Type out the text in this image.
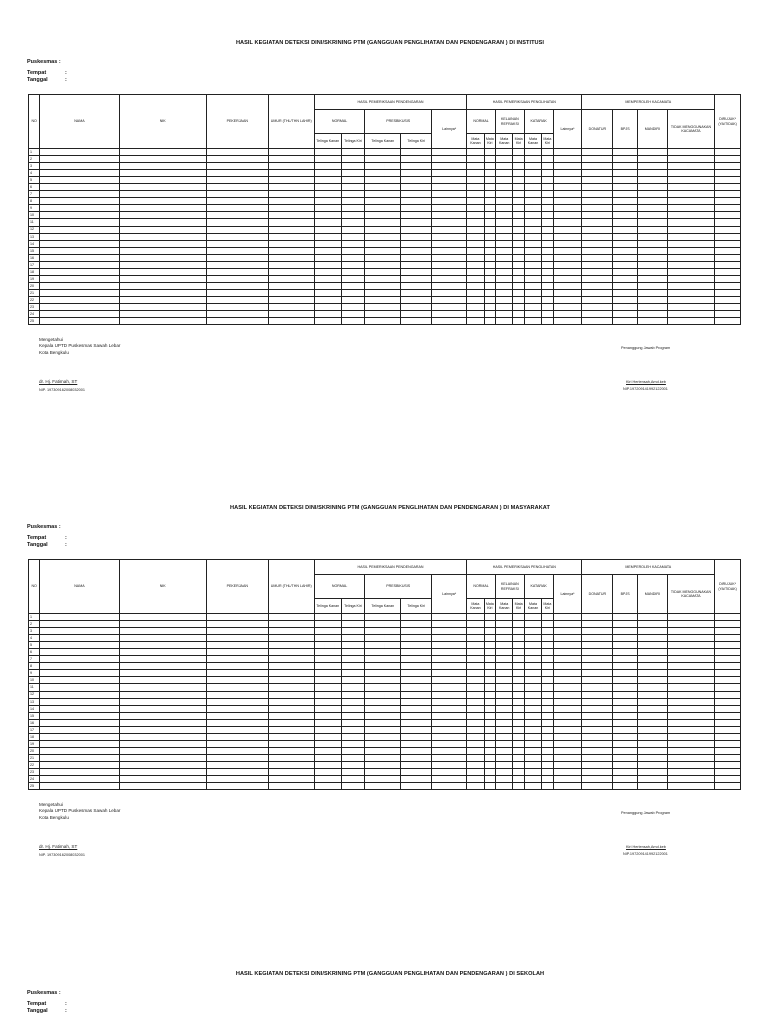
HASIL KEGIATAN DETEKSI DINI/SKRINING PTM (GANGGUAN PENGLIHATAN DAN PENDENGARAN ) DI INSTITUSI
Puskesmas :
Tempat	:
Tanggal	:
NO	NAMA	NIK	PEKERJAAN	UMUR (THL/THN LAHIR)	HASIL PEMERIKSAAN PENDENGARAN					HASIL PEMERIKSAAN PENGLIHATAN							MEMPEROLEH KACAMATA				DIRUJUK* (YA/TIDAK)
					NORMAL		PRESBIKUSIS		Lainnya*	NORMAL		KELAINAN REFRAKSI		KATARAK		Lainnya*	DONATUR	BPJS	MANDIRI	TIDAK MENGGUNAKAN KACAMATA	
					Telinga Kanan	Telinga Kiri	Telinga Kanan	Telinga Kiri		Mata Kanan	Mata Kiri	Mata Kanan	Mata Kiri	Mata Kanan	Mata Kiri						
1																					
2																					
3																					
4																					
5																					
6																					
7																					
8																					
9																					
10																					
11																					
12																					
13																					
14																					
15																					
16																					
17																					
18																					
19																					
20																					
21																					
22																					
23																					
24																					
25																					
Mengetahui
Kepala UPTD Puskesmas Sawah Lebar
Kota Bengkulu
Penanggung Jawab Program
dr. Hj. Fatimah, ST
NIP. 197309162008032001
Kiri Herlensah,Amd.keb
NIP.197209141992122001
HASIL KEGIATAN DETEKSI DINI/SKRINING PTM (GANGGUAN PENGLIHATAN DAN PENDENGARAN ) DI MASYARAKAT
Puskesmas :
Tempat	:
Tanggal	:
NO	NAMA	NIK	PEKERJAAN	UMUR (THL/THN LAHIR)	HASIL PEMERIKSAAN PENDENGARAN					HASIL PEMERIKSAAN PENGLIHATAN							MEMPEROLEH KACAMATA				DIRUJUK* (YA/TIDAK)
					NORMAL		PRESBIKUSIS		Lainnya*	NORMAL		KELAINAN REFRAKSI		KATARAK		Lainnya*	DONATUR	BPJS	MANDIRI	TIDAK MENGGUNAKAN KACAMATA	
					Telinga Kanan	Telinga Kiri	Telinga Kanan	Telinga Kiri		Mata Kanan	Mata Kiri	Mata Kanan	Mata Kiri	Mata Kanan	Mata Kiri						
1																					
2																					
3																					
4																					
5																					
6																					
7																					
8																					
9																					
10																					
11																					
12																					
13																					
14																					
15																					
16																					
17																					
18																					
19																					
20																					
21																					
22																					
23																					
24																					
25																					
Mengetahui
Kepala UPTD Puskesmas Sawah Lebar
Kota Bengkulu
Penanggung Jawab Program
dr. Hj. Fatimah, ST
NIP. 197309162008032001
Kiri Herlensah,Amd.keb
NIP.197209141992122001
HASIL KEGIATAN DETEKSI DINI/SKRINING PTM (GANGGUAN PENGLIHATAN DAN PENDENGARAN ) DI SEKOLAH
Puskesmas :
Tempat	:
Tanggal	:
